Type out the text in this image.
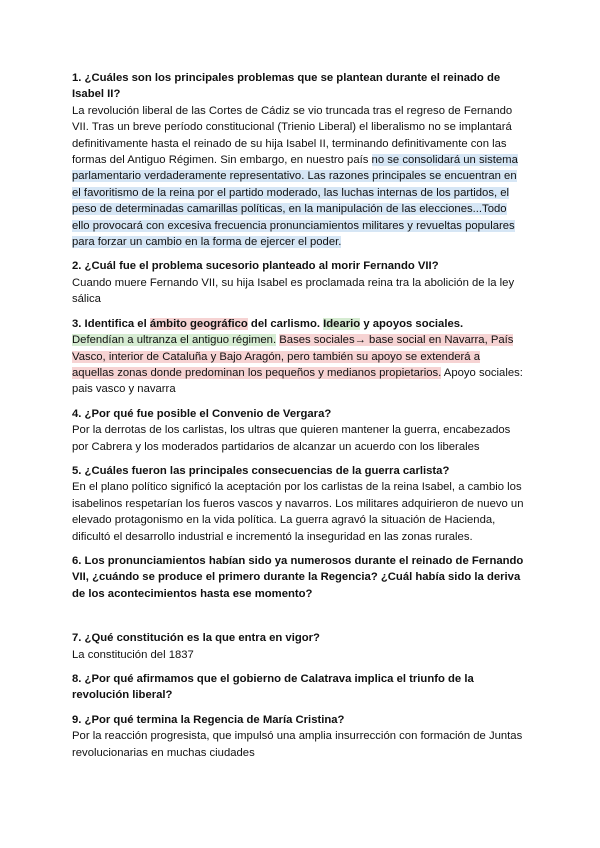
1. ¿Cuáles son los principales problemas que se plantean durante el reinado de Isabel II?

La revolución liberal de las Cortes de Cádiz se vio truncada tras el regreso de Fernando VII. Tras un breve período constitucional (Trienio Liberal) el liberalismo no se implantará definitivamente hasta el reinado de su hija Isabel II, terminando definitivamente con las formas del Antiguo Régimen. Sin embargo, en nuestro país no se consolidará un sistema parlamentario verdaderamente representativo. Las razones principales se encuentran en el favoritismo de la reina por el partido moderado, las luchas internas de los partidos, el peso de determinadas camarillas políticas, en la manipulación de las elecciones...Todo ello provocará con excesiva frecuencia pronunciamientos militares y revueltas populares para forzar un cambio en la forma de ejercer el poder.

2. ¿Cuál fue el problema sucesorio planteado al morir Fernando VII?

Cuando muere Fernando VII, su hija Isabel es proclamada reina tra la abolición de la ley sálica

3. Identifica el ámbito geográfico del carlismo. Ideario y apoyos sociales.

Defendían a ultranza el antiguo régimen. Bases sociales→ base social en Navarra, País Vasco, interior de Cataluña y Bajo Aragón, pero también su apoyo se extenderá a aquellas zonas donde predominan los pequeños y medianos propietarios. Apoyo sociales: pais vasco y navarra

4. ¿Por qué fue posible el Convenio de Vergara?

Por la derrotas de los carlistas, los ultras que quieren mantener la guerra, encabezados por Cabrera y los moderados partidarios de alcanzar un acuerdo con los liberales

5. ¿Cuáles fueron las principales consecuencias de la guerra carlista?

En el plano político significó la aceptación por los carlistas de la reina Isabel, a cambio los isabelinos respetarían los fueros vascos y navarros. Los militares adquirieron de nuevo un elevado protagonismo en la vida política. La guerra agravó la situación de Hacienda, dificultó el desarrollo industrial e incrementó la inseguridad en las zonas rurales.

6. Los pronunciamientos habían sido ya numerosos durante el reinado de Fernando VII, ¿cuándo se produce el primero durante la Regencia? ¿Cuál había sido la deriva de los acontecimientos hasta ese momento?

7. ¿Qué constitución es la que entra en vigor?

La constitución del 1837

8. ¿Por qué afirmamos que el gobierno de Calatrava implica el triunfo de la revolución liberal?

9. ¿Por qué termina la Regencia de María Cristina?

Por la reacción progresista, que impulsó una amplia insurrección con formación de Juntas revolucionarias en muchas ciudades
